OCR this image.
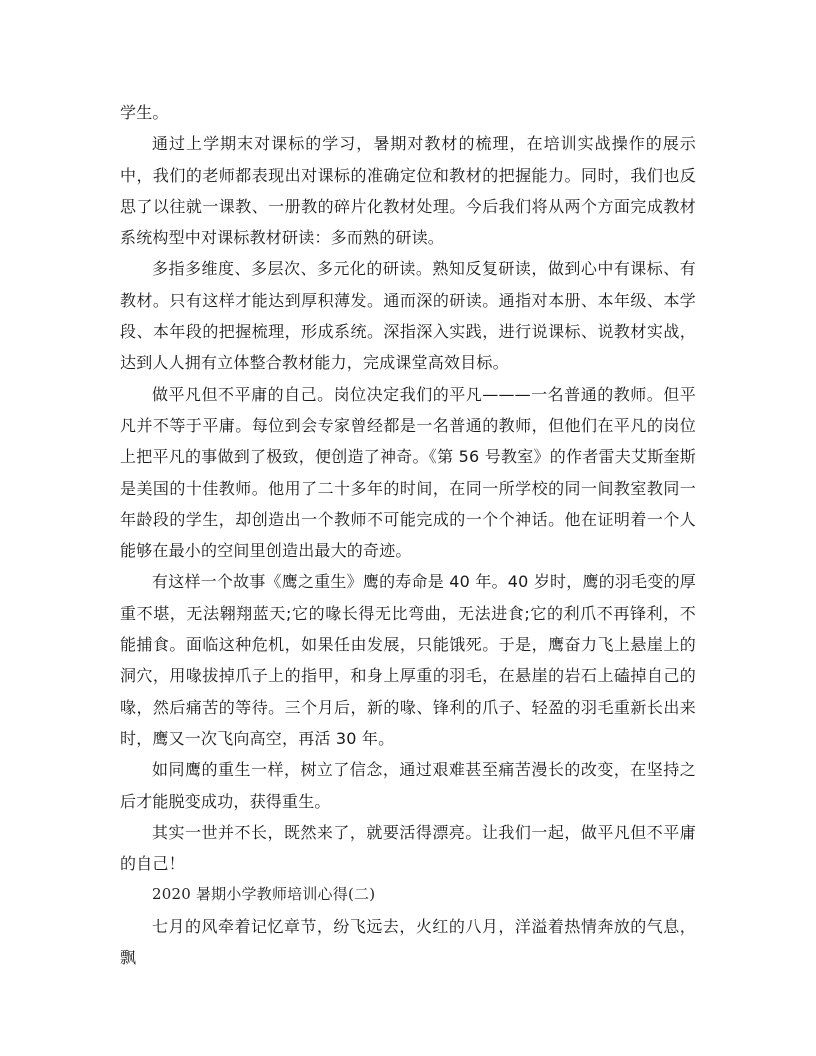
学生。

通过上学期末对课标的学习，暑期对教材的梳理，在培训实战操作的展示中，我们的老师都表现出对课标的准确定位和教材的把握能力。同时，我们也反思了以往就一课教、一册教的碎片化教材处理。今后我们将从两个方面完成教材系统构型中对课标教材研读：多而熟的研读。

多指多维度、多层次、多元化的研读。熟知反复研读，做到心中有课标、有教材。只有这样才能达到厚积薄发。通而深的研读。通指对本册、本年级、本学段、本年段的把握梳理，形成系统。深指深入实践，进行说课标、说教材实战，达到人人拥有立体整合教材能力，完成课堂高效目标。

做平凡但不平庸的自己。岗位决定我们的平凡———一名普通的教师。但平凡并不等于平庸。每位到会专家曾经都是一名普通的教师，但他们在平凡的岗位上把平凡的事做到了极致，便创造了神奇。《第 56 号教室》的作者雷夫艾斯奎斯是美国的十佳教师。他用了二十多年的时间，在同一所学校的同一间教室教同一年龄段的学生，却创造出一个教师不可能完成的一个个神话。他在证明着一个人能够在最小的空间里创造出最大的奇迹。

有这样一个故事《鹰之重生》鹰的寿命是 40 年。40 岁时，鹰的羽毛变的厚重不堪，无法翱翔蓝天;它的喙长得无比弯曲，无法进食;它的利爪不再锋利，不能捕食。面临这种危机，如果任由发展，只能饿死。于是，鹰奋力飞上悬崖上的洞穴，用喙拔掉爪子上的指甲，和身上厚重的羽毛，在悬崖的岩石上磕掉自己的喙，然后痛苦的等待。三个月后，新的喙、锋利的爪子、轻盈的羽毛重新长出来时，鹰又一次飞向高空，再活 30 年。

如同鹰的重生一样，树立了信念，通过艰难甚至痛苦漫长的改变，在坚持之后才能脱变成功，获得重生。

其实一世并不长，既然来了，就要活得漂亮。让我们一起，做平凡但不平庸的自己！

2020 暑期小学教师培训心得(二)

七月的风牵着记忆章节，纷飞远去，火红的八月，洋溢着热情奔放的气息，飘
